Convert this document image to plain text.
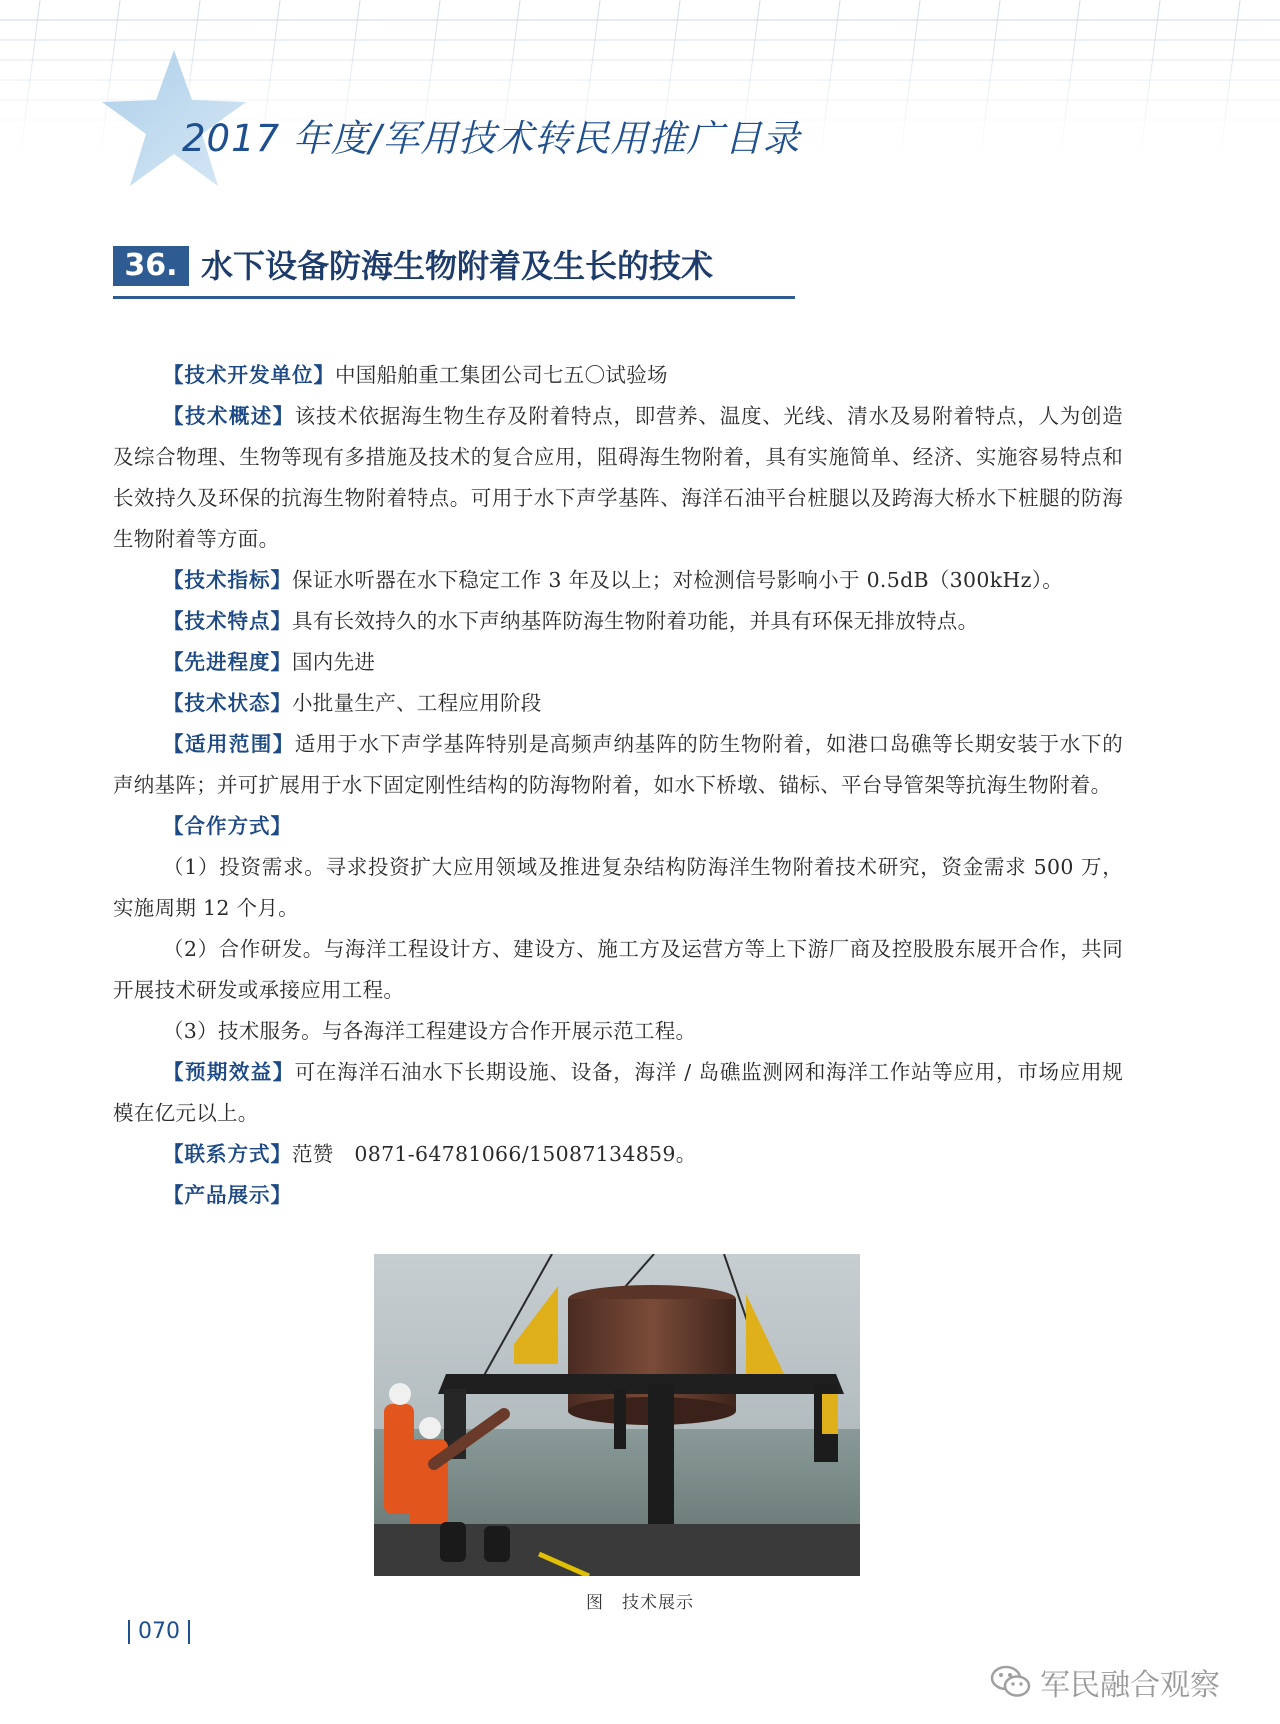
2017 年度/军用技术转民用推广目录
36. 水下设备防海生物附着及生长的技术

【技术开发单位】中国船舶重工集团公司七五〇试验场

【技术概述】该技术依据海生物生存及附着特点，即营养、温度、光线、清水及易附着特点，人为创造及综合物理、生物等现有多措施及技术的复合应用，阻碍海生物附着，具有实施简单、经济、实施容易特点和长效持久及环保的抗海生物附着特点。可用于水下声学基阵、海洋石油平台桩腿以及跨海大桥水下桩腿的防海生物附着等方面。

【技术指标】保证水听器在水下稳定工作 3 年及以上；对检测信号影响小于 0.5dB（300kHz）。

【技术特点】具有长效持久的水下声纳基阵防海生物附着功能，并具有环保无排放特点。

【先进程度】国内先进

【技术状态】小批量生产、工程应用阶段

【适用范围】适用于水下声学基阵特别是高频声纳基阵的防生物附着，如港口岛礁等长期安装于水下的声纳基阵；并可扩展用于水下固定刚性结构的防海物附着，如水下桥墩、锚标、平台导管架等抗海生物附着。

【合作方式】

（1）投资需求。寻求投资扩大应用领域及推进复杂结构防海洋生物附着技术研究，资金需求 500 万，实施周期 12 个月。

（2）合作研发。与海洋工程设计方、建设方、施工方及运营方等上下游厂商及控股股东展开合作，共同开展技术研发或承接应用工程。

（3）技术服务。与各海洋工程建设方合作开展示范工程。

【预期效益】可在海洋石油水下长期设施、设备，海洋 / 岛礁监测网和海洋工作站等应用，市场应用规模在亿元以上。

【联系方式】范赞　0871-64781066/15087134859。

【产品展示】

图　技术展示
070
军民融合观察
